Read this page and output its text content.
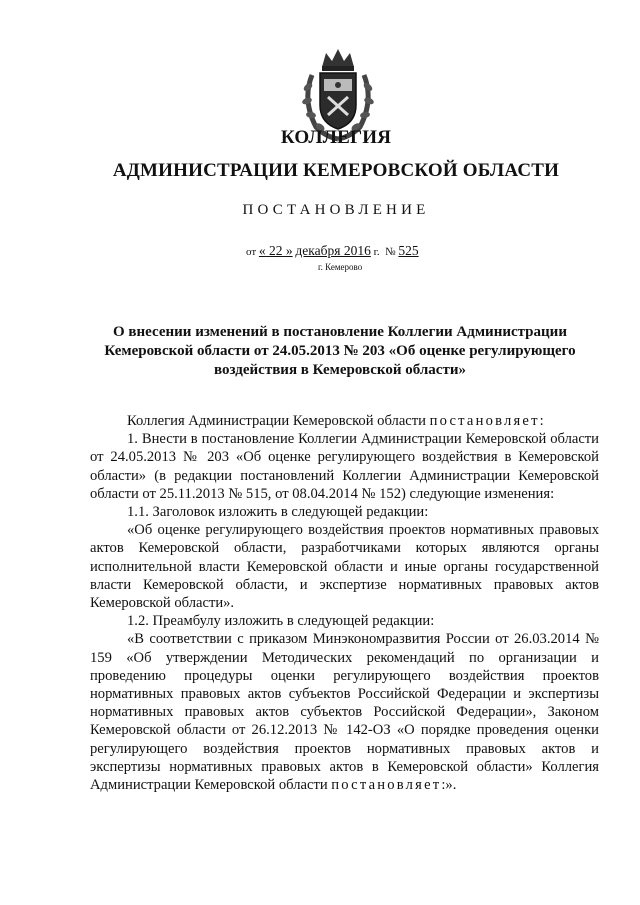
КОЛЛЕГИЯ
АДМИНИСТРАЦИИ КЕМЕРОВСКОЙ ОБЛАСТИ
ПОСТАНОВЛЕНИЕ
от « 22 » декабря 2016 г. № 525
г. Кемерово
О внесении изменений в постановление Коллегии Администрации Кемеровской области от 24.05.2013 № 203 «Об оценке регулирующего воздействия в Кемеровской области»

Коллегия Администрации Кемеровской области постановляет:

1. Внести в постановление Коллегии Администрации Кемеровской области от 24.05.2013 № 203 «Об оценке регулирующего воздействия в Кемеровской области» (в редакции постановлений Коллегии Администрации Кемеровской области от 25.11.2013 № 515, от 08.04.2014 № 152) следующие изменения:

1.1. Заголовок изложить в следующей редакции:

«Об оценке регулирующего воздействия проектов нормативных правовых актов Кемеровской области, разработчиками которых являются органы исполнительной власти Кемеровской области и иные органы государственной власти Кемеровской области, и экспертизе нормативных правовых актов Кемеровской области».

1.2. Преамбулу изложить в следующей редакции:

«В соответствии с приказом Минэкономразвития России от 26.03.2014 № 159 «Об утверждении Методических рекомендаций по организации и проведению процедуры оценки регулирующего воздействия проектов нормативных правовых актов субъектов Российской Федерации и экспертизы нормативных правовых актов субъектов Российской Федерации», Законом Кемеровской области от 26.12.2013 № 142-ОЗ «О порядке проведения оценки регулирующего воздействия проектов нормативных правовых актов и экспертизы нормативных правовых актов в Кемеровской области» Коллегия Администрации Кемеровской области постановляет:».
